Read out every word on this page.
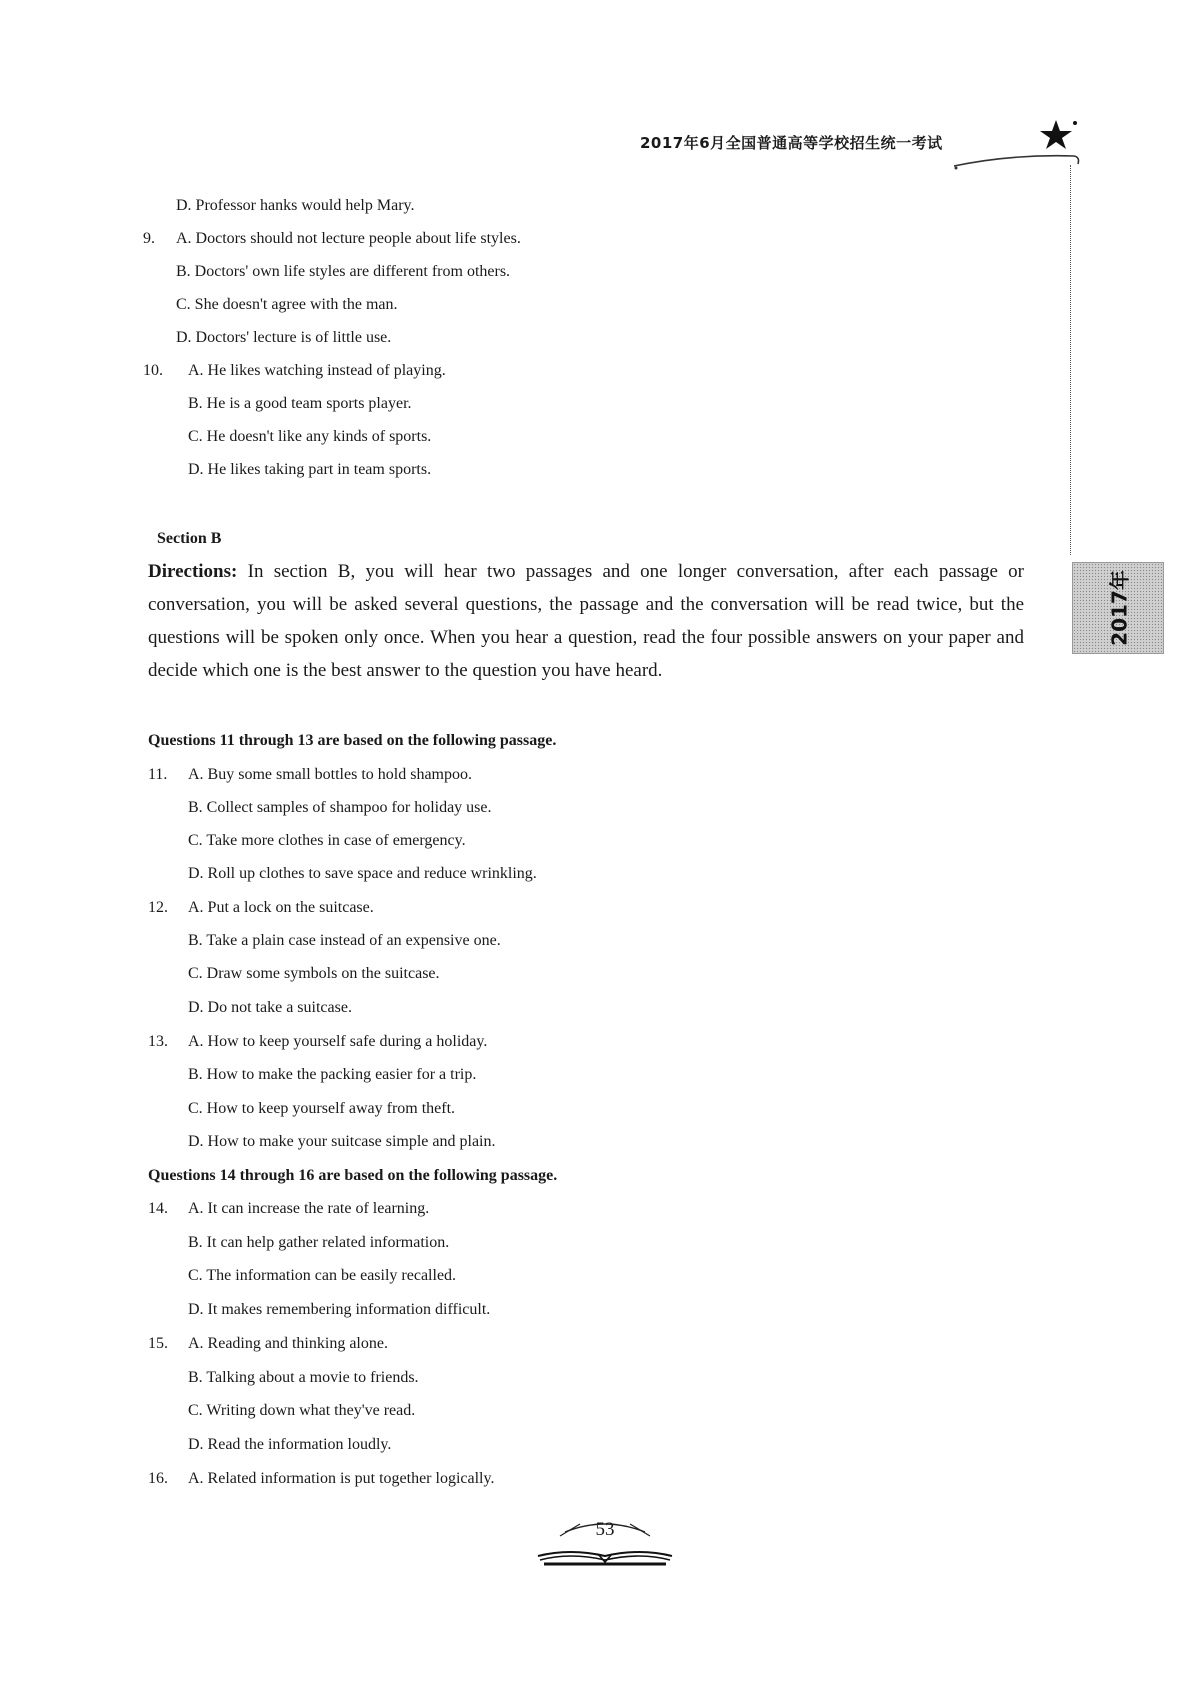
2017年6月全国普通高等学校招生统一考试
2017年
D. Professor hanks would help Mary.
9. A. Doctors should not lecture people about life styles.
B. Doctors' own life styles are different from others.
C. She doesn't agree with the man.
D. Doctors' lecture is of little use.
10. A. He likes watching instead of playing.
B. He is a good team sports player.
C. He doesn't like any kinds of sports.
D. He likes taking part in team sports.
Section B
Directions: In section B, you will hear two passages and one longer conversation, after each passage or conversation, you will be asked several questions, the passage and the conversation will be read twice, but the questions will be spoken only once. When you hear a question, read the four possible answers on your paper and decide which one is the best answer to the question you have heard.
Questions 11 through 13 are based on the following passage.
11. A. Buy some small bottles to hold shampoo.
B. Collect samples of shampoo for holiday use.
C. Take more clothes in case of emergency.
D. Roll up clothes to save space and reduce wrinkling.
12. A. Put a lock on the suitcase.
B. Take a plain case instead of an expensive one.
C. Draw some symbols on the suitcase.
D. Do not take a suitcase.
13. A. How to keep yourself safe during a holiday.
B. How to make the packing easier for a trip.
C. How to keep yourself away from theft.
D. How to make your suitcase simple and plain.
Questions 14 through 16 are based on the following passage.
14. A. It can increase the rate of learning.
B. It can help gather related information.
C. The information can be easily recalled.
D. It makes remembering information difficult.
15. A. Reading and thinking alone.
B. Talking about a movie to friends.
C. Writing down what they've read.
D. Read the information loudly.
16. A. Related information is put together logically.
53
